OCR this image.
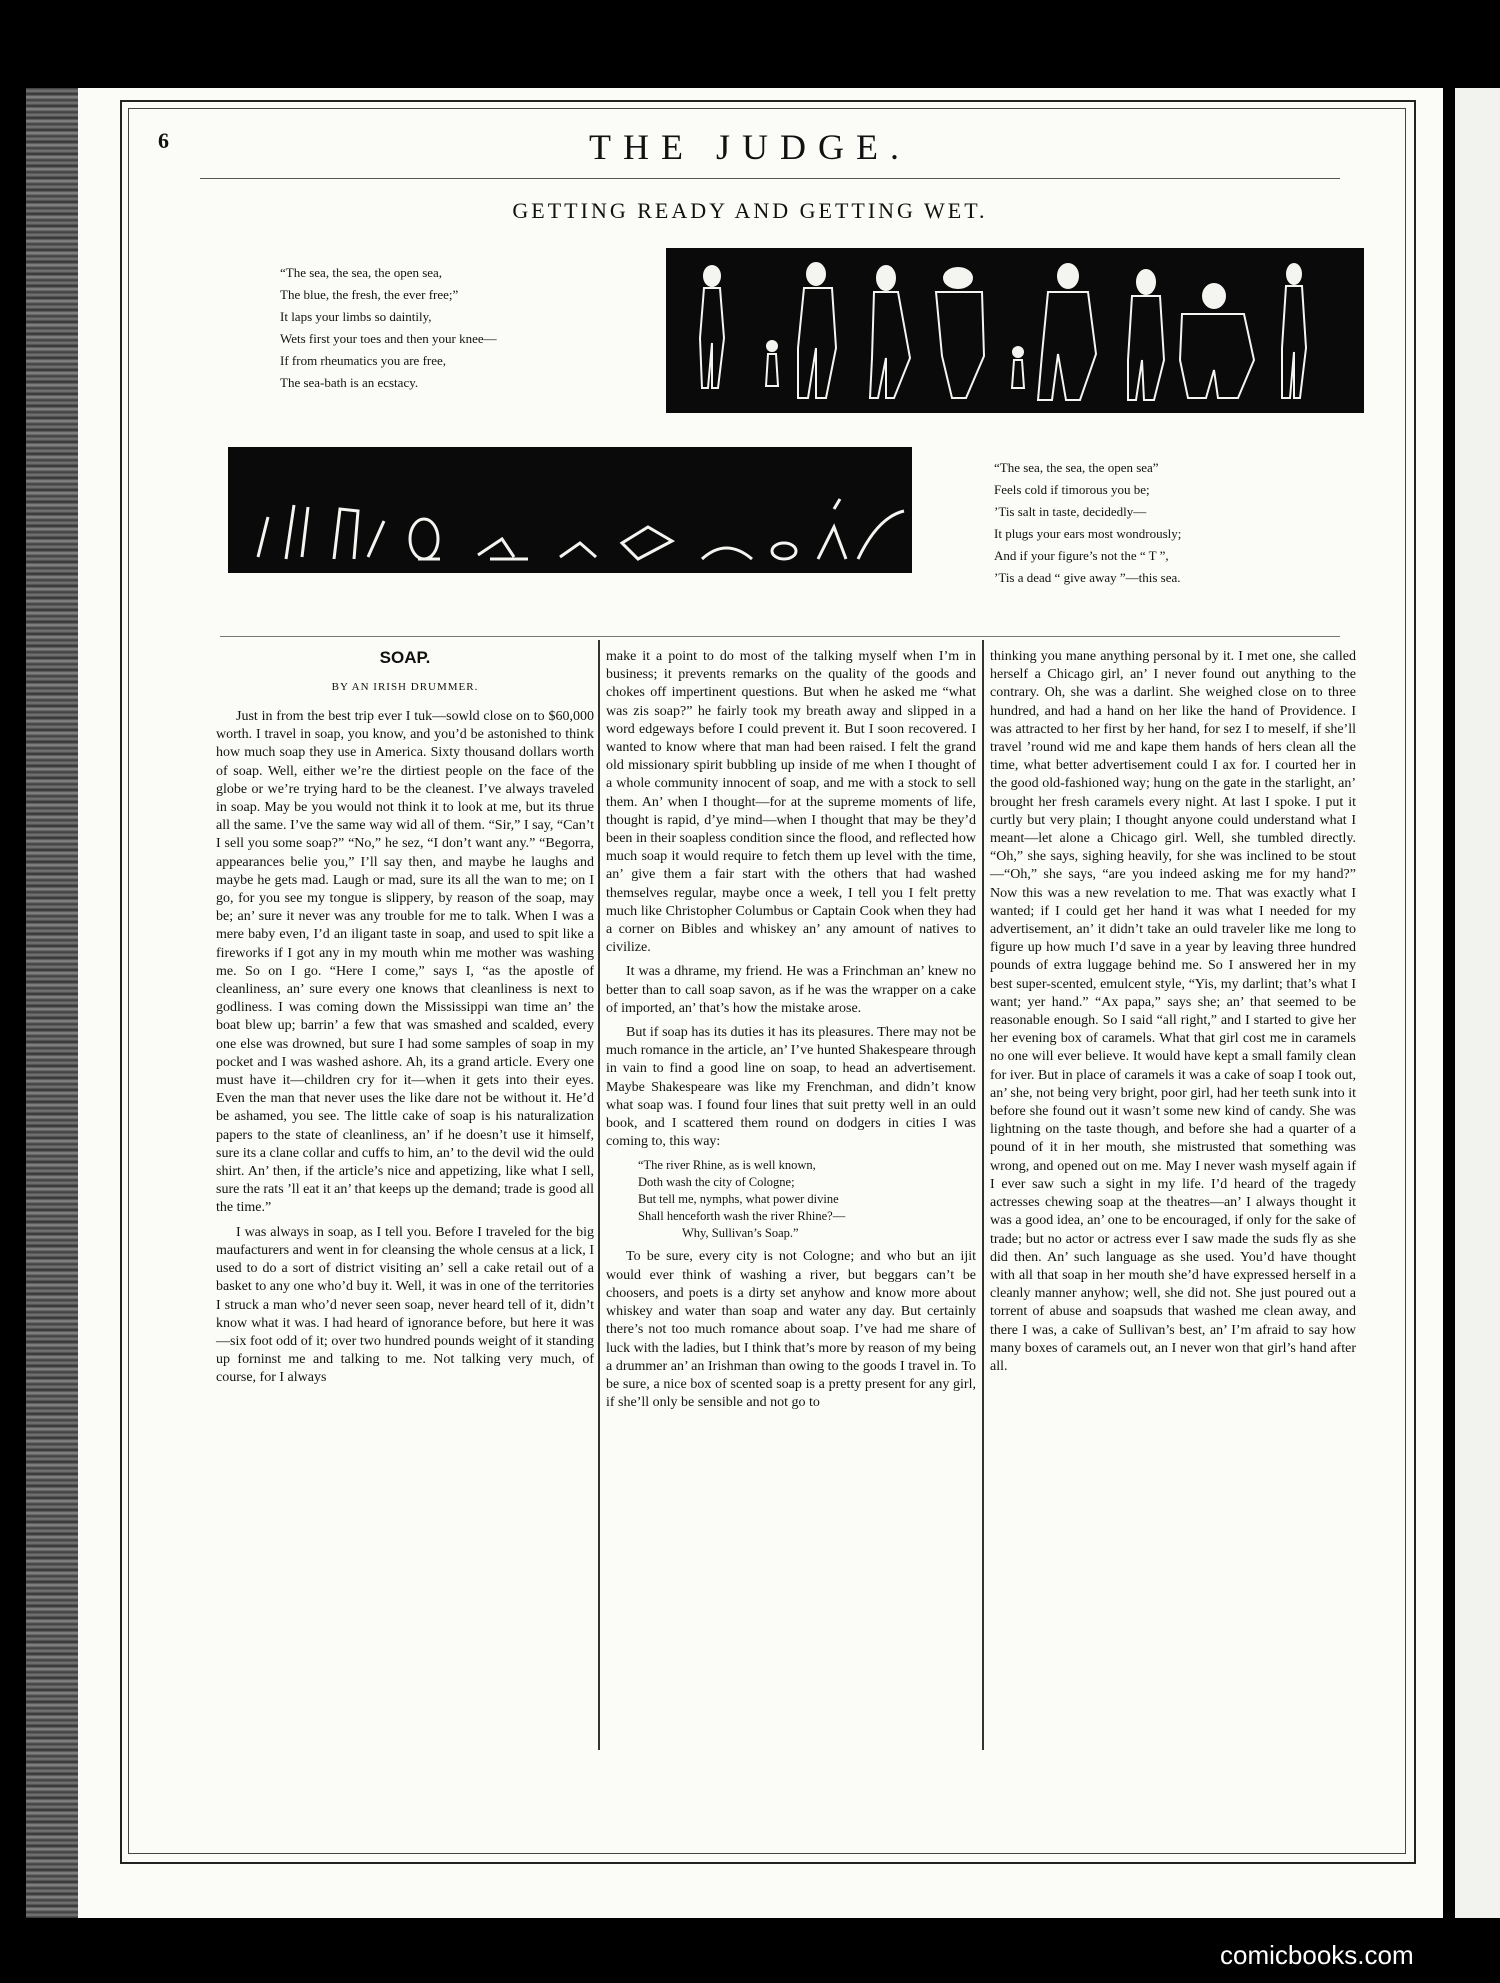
6	THE JUDGE.
GETTING READY AND GETTING WET.
“The sea, the sea, the open sea,
The blue, the fresh, the ever free;”
It laps your limbs so daintily,
Wets first your toes and then your knee—
If from rheumatics you are free,
The sea-bath is an ecstacy.
“The sea, the sea, the open sea”
Feels cold if timorous you be;
’Tis salt in taste, decidedly—
It plugs your ears most wondrously;
And if your figure’s not the “ T ”,
’Tis a dead “ give away ”—this sea.
SOAP.
BY AN IRISH DRUMMER.

Just in from the best trip ever I tuk—sowld close on to $60,000 worth. I travel in soap, you know, and you’d be astonished to think how much soap they use in America. Sixty thousand dollars worth of soap. Well, either we’re the dirtiest people on the face of the globe or we’re trying hard to be the cleanest. I’ve always traveled in soap. May be you would not think it to look at me, but its thrue all the same. I’ve the same way wid all of them. “Sir,” I say, “Can’t I sell you some soap?” “No,” he sez, “I don’t want any.” “Begorra, appearances belie you,” I’ll say then, and maybe he laughs and maybe he gets mad. Laugh or mad, sure its all the wan to me; on I go, for you see my tongue is slippery, by reason of the soap, may be; an’ sure it never was any trouble for me to talk. When I was a mere baby even, I’d an iligant taste in soap, and used to spit like a fireworks if I got any in my mouth whin me mother was washing me. So on I go. “Here I come,” says I, “as the apostle of cleanliness, an’ sure every one knows that cleanliness is next to godliness. I was coming down the Mississippi wan time an’ the boat blew up; barrin’ a few that was smashed and scalded, every one else was drowned, but sure I had some samples of soap in my pocket and I was washed ashore. Ah, its a grand article. Every one must have it—children cry for it—when it gets into their eyes. Even the man that never uses the like dare not be without it. He’d be ashamed, you see. The little cake of soap is his naturalization papers to the state of cleanliness, an’ if he doesn’t use it himself, sure its a clane collar and cuffs to him, an’ to the devil wid the ould shirt. An’ then, if the article’s nice and appetizing, like what I sell, sure the rats ’ll eat it an’ that keeps up the demand; trade is good all the time.”

I was always in soap, as I tell you. Before I traveled for the big maufacturers and went in for cleansing the whole census at a lick, I used to do a sort of district visiting an’ sell a cake retail out of a basket to any one who’d buy it. Well, it was in one of the territories I struck a man who’d never seen soap, never heard tell of it, didn’t know what it was. I had heard of ignorance before, but here it was—six foot odd of it; over two hundred pounds weight of it standing up forninst me and talking to me. Not talking very much, of course, for I always

make it a point to do most of the talking myself when I’m in business; it prevents remarks on the quality of the goods and chokes off impertinent questions. But when he asked me “what was zis soap?” he fairly took my breath away and slipped in a word edgeways before I could prevent it. But I soon recovered. I wanted to know where that man had been raised. I felt the grand old missionary spirit bubbling up inside of me when I thought of a whole community innocent of soap, and me with a stock to sell them. An’ when I thought—for at the supreme moments of life, thought is rapid, d’ye mind—when I thought that may be they’d been in their soapless condition since the flood, and reflected how much soap it would require to fetch them up level with the time, an’ give them a fair start with the others that had washed themselves regular, maybe once a week, I tell you I felt pretty much like Christopher Columbus or Captain Cook when they had a corner on Bibles and whiskey an’ any amount of natives to civilize.

It was a dhrame, my friend. He was a Frinchman an’ knew no better than to call soap savon, as if he was the wrapper on a cake of imported, an’ that’s how the mistake arose.

But if soap has its duties it has its pleasures. There may not be much romance in the article, an’ I’ve hunted Shakespeare through in vain to find a good line on soap, to head an advertisement. Maybe Shakespeare was like my Frenchman, and didn’t know what soap was. I found four lines that suit pretty well in an ould book, and I scattered them round on dodgers in cities I was coming to, this way:

“The river Rhine, as is well known,
Doth wash the city of Cologne;
But tell me, nymphs, what power divine
Shall henceforth wash the river Rhine?—
Why, Sullivan’s Soap.”

To be sure, every city is not Cologne; and who but an ijit would ever think of washing a river, but beggars can’t be choosers, and poets is a dirty set anyhow and know more about whiskey and water than soap and water any day. But certainly there’s not too much romance about soap. I’ve had me share of luck with the ladies, but I think that’s more by reason of my being a drummer an’ an Irishman than owing to the goods I travel in. To be sure, a nice box of scented soap is a pretty present for any girl, if she’ll only be sensible and not go to

thinking you mane anything personal by it. I met one, she called herself a Chicago girl, an’ I never found out anything to the contrary. Oh, she was a darlint. She weighed close on to three hundred, and had a hand on her like the hand of Providence. I was attracted to her first by her hand, for sez I to meself, if she’ll travel ’round wid me and kape them hands of hers clean all the time, what better advertisement could I ax for. I courted her in the good old-fashioned way; hung on the gate in the starlight, an’ brought her fresh caramels every night. At last I spoke. I put it curtly but very plain; I thought anyone could understand what I meant—let alone a Chicago girl. Well, she tumbled directly. “Oh,” she says, sighing heavily, for she was inclined to be stout—“Oh,” she says, “are you indeed asking me for my hand?” Now this was a new revelation to me. That was exactly what I wanted; if I could get her hand it was what I needed for my advertisement, an’ it didn’t take an ould traveler like me long to figure up how much I’d save in a year by leaving three hundred pounds of extra luggage behind me. So I answered her in my best super-scented, emulcent style, “Yis, my darlint; that’s what I want; yer hand.” “Ax papa,” says she; an’ that seemed to be reasonable enough. So I said “all right,” and I started to give her her evening box of caramels. What that girl cost me in caramels no one will ever believe. It would have kept a small family clean for iver. But in place of caramels it was a cake of soap I took out, an’ she, not being very bright, poor girl, had her teeth sunk into it before she found out it wasn’t some new kind of candy. She was lightning on the taste though, and before she had a quarter of a pound of it in her mouth, she mistrusted that something was wrong, and opened out on me. May I never wash myself again if I ever saw such a sight in my life. I’d heard of the tragedy actresses chewing soap at the theatres—an’ I always thought it was a good idea, an’ one to be encouraged, if only for the sake of trade; but no actor or actress ever I saw made the suds fly as she did then. An’ such language as she used. You’d have thought with all that soap in her mouth she’d have expressed herself in a cleanly manner anyhow; well, she did not. She just poured out a torrent of abuse and soapsuds that washed me clean away, and there I was, a cake of Sullivan’s best, an’ I’m afraid to say how many boxes of caramels out, an I never won that girl’s hand after all.

comicbooks.com
